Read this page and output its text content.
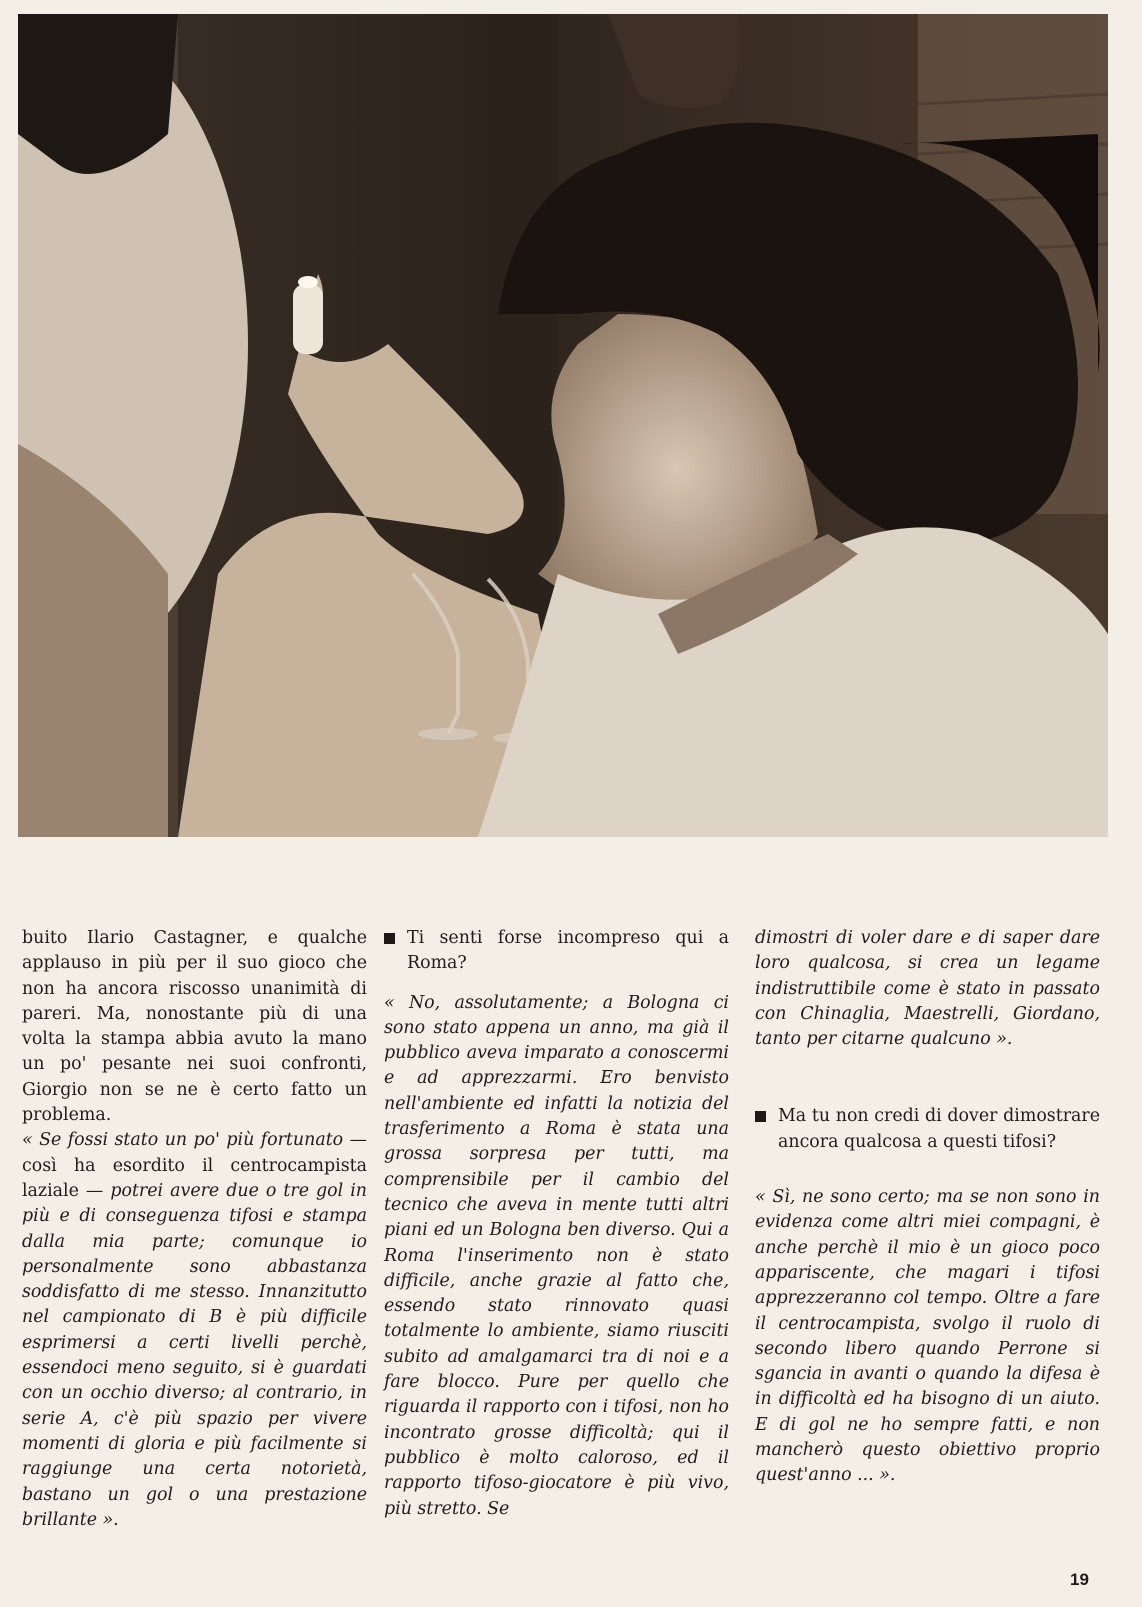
buito Ilario Castagner, e qualche applauso in più per il suo gioco che non ha ancora riscosso unanimità di pareri. Ma, nonostante più di una volta la stampa abbia avuto la mano un po' pesante nei suoi confronti, Giorgio non se ne è certo fatto un problema.

« Se fossi stato un po' più fortunato — così ha esordito il centrocampista laziale — potrei avere due o tre gol in più e di conseguenza tifosi e stampa dalla mia parte; comunque io personalmente sono abbastanza soddisfatto di me stesso. Innanzitutto nel campionato di B è più difficile esprimersi a certi livelli perchè, essendoci meno seguito, si è guardati con un occhio diverso; al contrario, in serie A, c'è più spazio per vivere momenti di gloria e più facilmente si raggiunge una certa notorietà, bastano un gol o una prestazione brillante ».

Ti senti forse incompreso qui a Roma?

« No, assolutamente; a Bologna ci sono stato appena un anno, ma già il pubblico aveva imparato a conoscermi e ad apprezzarmi. Ero benvisto nell'ambiente ed infatti la notizia del trasferimento a Roma è stata una grossa sorpresa per tutti, ma comprensibile per il cambio del tecnico che aveva in mente tutti altri piani ed un Bologna ben diverso. Qui a Roma l'inserimento non è stato difficile, anche grazie al fatto che, essendo stato rinnovato quasi totalmente lo ambiente, siamo riusciti subito ad amalgamarci tra di noi e a fare blocco. Pure per quello che riguarda il rapporto con i tifosi, non ho incontrato grosse difficoltà; qui il pubblico è molto caloroso, ed il rapporto tifoso-giocatore è più vivo, più stretto. Se

dimostri di voler dare e di saper dare loro qualcosa, si crea un legame indistruttibile come è stato in passato con Chinaglia, Maestrelli, Giordano, tanto per citarne qualcuno ».

Ma tu non credi di dover dimostrare ancora qualcosa a questi tifosi?

« Sì, ne sono certo; ma se non sono in evidenza come altri miei compagni, è anche perchè il mio è un gioco poco appariscente, che magari i tifosi apprezzeranno col tempo. Oltre a fare il centrocampista, svolgo il ruolo di secondo libero quando Perrone si sgancia in avanti o quando la difesa è in difficoltà ed ha bisogno di un aiuto. E di gol ne ho sempre fatti, e non mancherò questo obiettivo proprio quest'anno ... ».

19
